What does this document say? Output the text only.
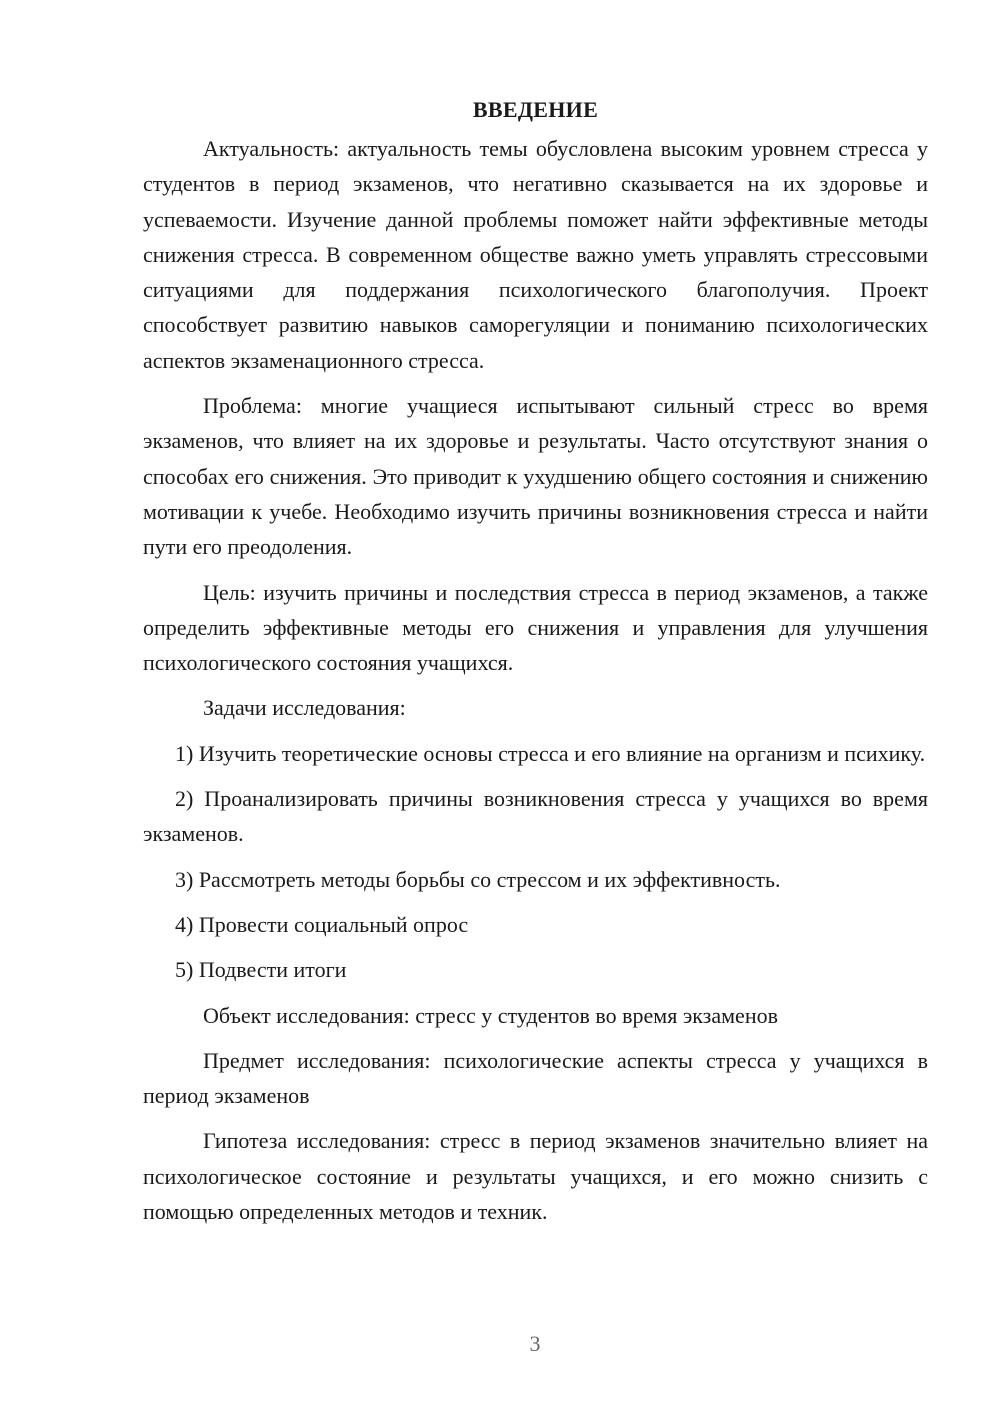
ВВЕДЕНИЕ

Актуальность: актуальность темы обусловлена высоким уровнем стресса у студентов в период экзаменов, что негативно сказывается на их здоровье и успеваемости. Изучение данной проблемы поможет найти эффективные методы снижения стресса. В современном обществе важно уметь управлять стрессовыми ситуациями для поддержания психологического благополучия. Проект способствует развитию навыков саморегуляции и пониманию психологических аспектов экзаменационного стресса.

Проблема: многие учащиеся испытывают сильный стресс во время экзаменов, что влияет на их здоровье и результаты. Часто отсутствуют знания о способах его снижения. Это приводит к ухудшению общего состояния и снижению мотивации к учебе. Необходимо изучить причины возникновения стресса и найти пути его преодоления.

Цель: изучить причины и последствия стресса в период экзаменов, а также определить эффективные методы его снижения и управления для улучшения психологического состояния учащихся.

Задачи исследования:

1) Изучить теоретические основы стресса и его влияние на организм и психику.

2) Проанализировать причины возникновения стресса у учащихся во время экзаменов.

3) Рассмотреть методы борьбы со стрессом и их эффективность.

4) Провести социальный опрос

5) Подвести итоги

Объект исследования: стресс у студентов во время экзаменов

Предмет исследования: психологические аспекты стресса у учащихся в период экзаменов

Гипотеза исследования: стресс в период экзаменов значительно влияет на психологическое состояние и результаты учащихся, и его можно снизить с помощью определенных методов и техник.

3
